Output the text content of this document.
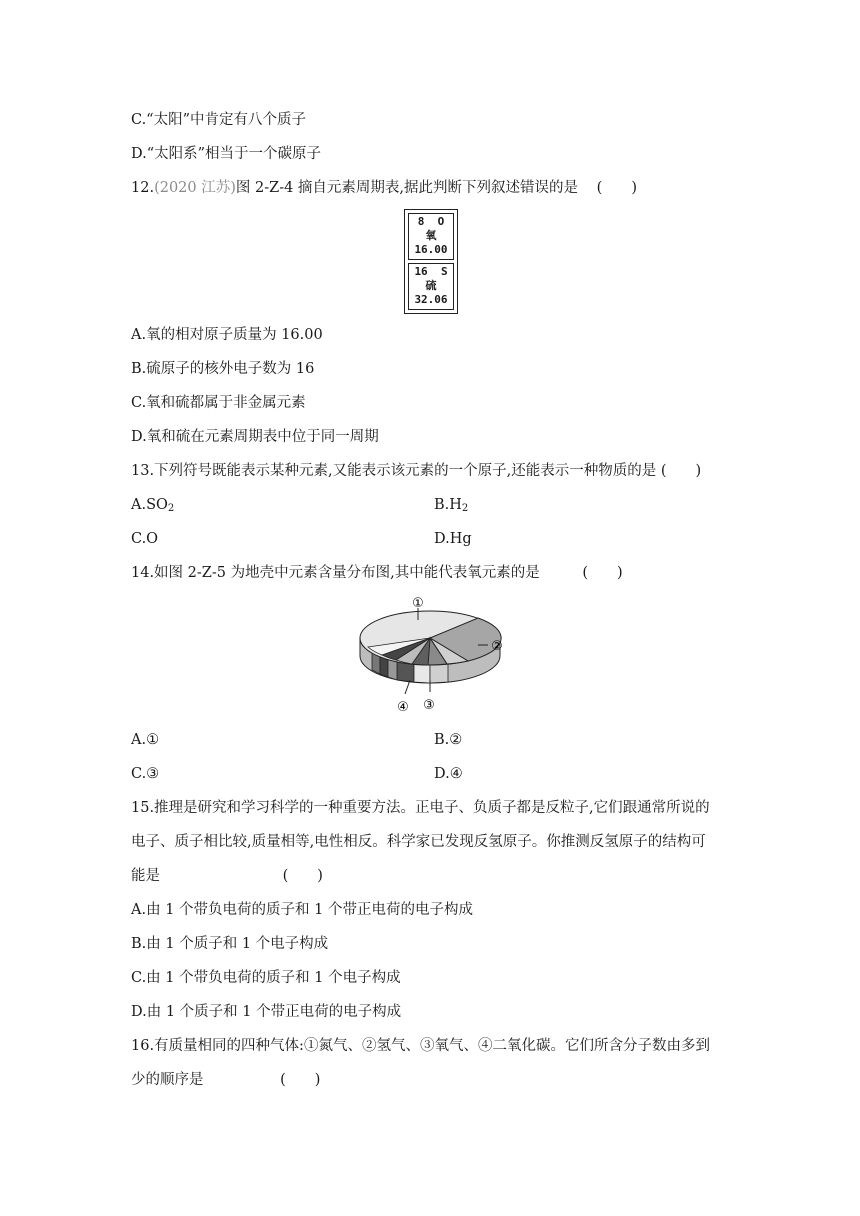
C.“太阳”中肯定有八个质子
D.“太阳系”相当于一个碳原子
12.(2020 江苏)图 2-Z-4 摘自元素周期表,据此判断下列叙述错误的是 (　　)
8 O
氧
16.00
16 S
硫
32.06
A.氧的相对原子质量为 16.00
B.硫原子的核外电子数为 16
C.氧和硫都属于非金属元素
D.氧和硫在元素周期表中位于同一周期
13.下列符号既能表示某种元素,又能表示该元素的一个原子,还能表示一种物质的是 (　　)
$A.SO_2$	$B.H_2$
C.O	D.Hg
14.如图 2-Z-5 为地壳中元素含量分布图,其中能代表氧元素的是	(　　)
①
②
③
④
A.①	B.②
C.③	D.④
15.推理是研究和学习科学的一种重要方法。正电子、负质子都是反粒子,它们跟通常所说的
电子、质子相比较,质量相等,电性相反。科学家已发现反氢原子。你推测反氢原子的结构可
能是	(　　)
A.由 1 个带负电荷的质子和 1 个带正电荷的电子构成
B.由 1 个质子和 1 个电子构成
C.由 1 个带负电荷的质子和 1 个电子构成
D.由 1 个质子和 1 个带正电荷的电子构成
16.有质量相同的四种气体:①氮气、②氢气、③氧气、④二氧化碳。它们所含分子数由多到
少的顺序是	(　　)
